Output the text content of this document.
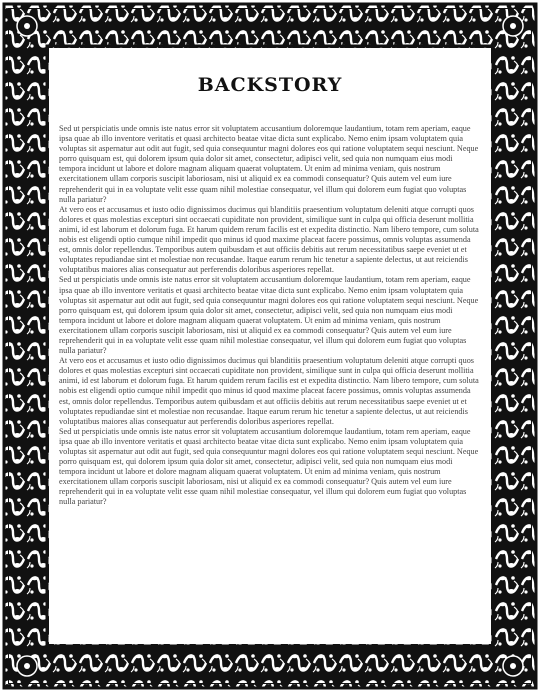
BACKSTORY

Sed ut perspiciatis unde omnis iste natus error sit voluptatem accusantium doloremque laudantium, totam rem aperiam, eaque ipsa quae ab illo inventore veritatis et quasi architecto beatae vitae dicta sunt explicabo. Nemo enim ipsam voluptatem quia voluptas sit aspernatur aut odit aut fugit, sed quia consequuntur magni dolores eos qui ratione voluptatem sequi nesciunt. Neque porro quisquam est, qui dolorem ipsum quia dolor sit amet, consectetur, adipisci velit, sed quia non numquam eius modi tempora incidunt ut labore et dolore magnam aliquam quaerat voluptatem. Ut enim ad minima veniam, quis nostrum exercitationem ullam corporis suscipit laboriosam, nisi ut aliquid ex ea commodi consequatur? Quis autem vel eum iure reprehenderit qui in ea voluptate velit esse quam nihil molestiae consequatur, vel illum qui dolorem eum fugiat quo voluptas nulla pariatur?

At vero eos et accusamus et iusto odio dignissimos ducimus qui blanditiis praesentium voluptatum deleniti atque corrupti quos dolores et quas molestias excepturi sint occaecati cupiditate non provident, similique sunt in culpa qui officia deserunt mollitia animi, id est laborum et dolorum fuga. Et harum quidem rerum facilis est et expedita distinctio. Nam libero tempore, cum soluta nobis est eligendi optio cumque nihil impedit quo minus id quod maxime placeat facere possimus, omnis voluptas assumenda est, omnis dolor repellendus. Temporibus autem quibusdam et aut officiis debitis aut rerum necessitatibus saepe eveniet ut et voluptates repudiandae sint et molestiae non recusandae. Itaque earum rerum hic tenetur a sapiente delectus, ut aut reiciendis voluptatibus maiores alias consequatur aut perferendis doloribus asperiores repellat.

Sed ut perspiciatis unde omnis iste natus error sit voluptatem accusantium doloremque laudantium, totam rem aperiam, eaque ipsa quae ab illo inventore veritatis et quasi architecto beatae vitae dicta sunt explicabo. Nemo enim ipsam voluptatem quia voluptas sit aspernatur aut odit aut fugit, sed quia consequuntur magni dolores eos qui ratione voluptatem sequi nesciunt. Neque porro quisquam est, qui dolorem ipsum quia dolor sit amet, consectetur, adipisci velit, sed quia non numquam eius modi tempora incidunt ut labore et dolore magnam aliquam quaerat voluptatem. Ut enim ad minima veniam, quis nostrum exercitationem ullam corporis suscipit laboriosam, nisi ut aliquid ex ea commodi consequatur? Quis autem vel eum iure reprehenderit qui in ea voluptate velit esse quam nihil molestiae consequatur, vel illum qui dolorem eum fugiat quo voluptas nulla pariatur?

At vero eos et accusamus et iusto odio dignissimos ducimus qui blanditiis praesentium voluptatum deleniti atque corrupti quos dolores et quas molestias excepturi sint occaecati cupiditate non provident, similique sunt in culpa qui officia deserunt mollitia animi, id est laborum et dolorum fuga. Et harum quidem rerum facilis est et expedita distinctio. Nam libero tempore, cum soluta nobis est eligendi optio cumque nihil impedit quo minus id quod maxime placeat facere possimus, omnis voluptas assumenda est, omnis dolor repellendus. Temporibus autem quibusdam et aut officiis debitis aut rerum necessitatibus saepe eveniet ut et voluptates repudiandae sint et molestiae non recusandae. Itaque earum rerum hic tenetur a sapiente delectus, ut aut reiciendis voluptatibus maiores alias consequatur aut perferendis doloribus asperiores repellat.

Sed ut perspiciatis unde omnis iste natus error sit voluptatem accusantium doloremque laudantium, totam rem aperiam, eaque ipsa quae ab illo inventore veritatis et quasi architecto beatae vitae dicta sunt explicabo. Nemo enim ipsam voluptatem quia voluptas sit aspernatur aut odit aut fugit, sed quia consequuntur magni dolores eos qui ratione voluptatem sequi nesciunt. Neque porro quisquam est, qui dolorem ipsum quia dolor sit amet, consectetur, adipisci velit, sed quia non numquam eius modi tempora incidunt ut labore et dolore magnam aliquam quaerat voluptatem. Ut enim ad minima veniam, quis nostrum exercitationem ullam corporis suscipit laboriosam, nisi ut aliquid ex ea commodi consequatur? Quis autem vel eum iure reprehenderit qui in ea voluptate velit esse quam nihil molestiae consequatur, vel illum qui dolorem eum fugiat quo voluptas nulla pariatur?
